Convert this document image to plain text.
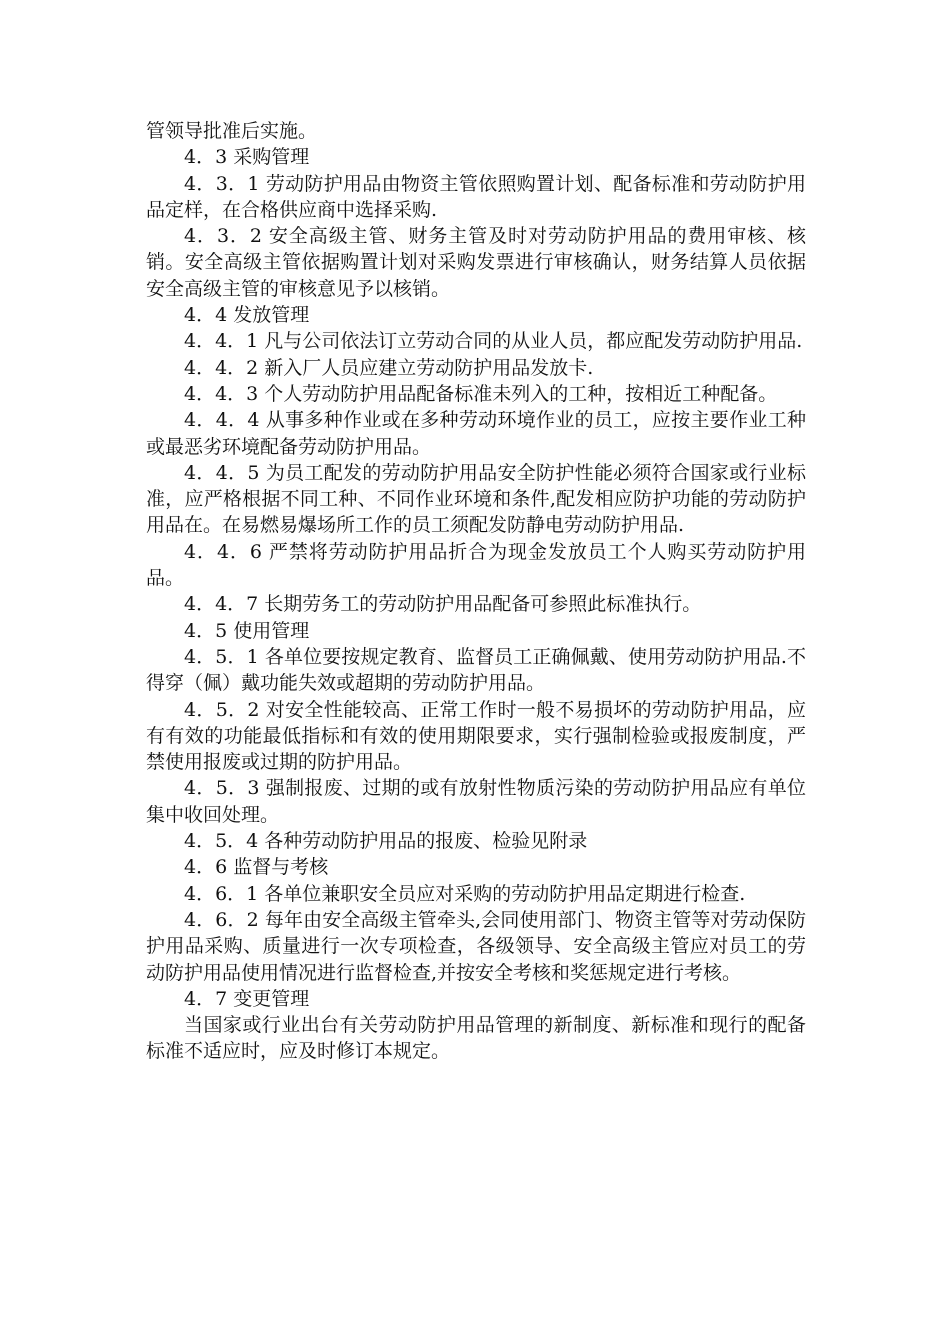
管领导批准后实施。

4．3 采购管理

4．3．1 劳动防护用品由物资主管依照购置计划、配备标准和劳动防护用品定样，在合格供应商中选择采购.

4．3．2 安全高级主管、财务主管及时对劳动防护用品的费用审核、核销。安全高级主管依据购置计划对采购发票进行审核确认，财务结算人员依据安全高级主管的审核意见予以核销。

4．4 发放管理

4．4．1 凡与公司依法订立劳动合同的从业人员，都应配发劳动防护用品.

4．4．2 新入厂人员应建立劳动防护用品发放卡.

4．4．3 个人劳动防护用品配备标准未列入的工种，按相近工种配备。

4．4．4 从事多种作业或在多种劳动环境作业的员工，应按主要作业工种或最恶劣环境配备劳动防护用品。

4．4．5 为员工配发的劳动防护用品安全防护性能必须符合国家或行业标准，应严格根据不同工种、不同作业环境和条件,配发相应防护功能的劳动防护用品在。在易燃易爆场所工作的员工须配发防静电劳动防护用品.

4．4．6 严禁将劳动防护用品折合为现金发放员工个人购买劳动防护用品。

4．4．7 长期劳务工的劳动防护用品配备可参照此标准执行。

4．5 使用管理

4．5．1 各单位要按规定教育、监督员工正确佩戴、使用劳动防护用品.不得穿（佩）戴功能失效或超期的劳动防护用品。

4．5．2 对安全性能较高、正常工作时一般不易损坏的劳动防护用品，应有有效的功能最低指标和有效的使用期限要求，实行强制检验或报废制度，严禁使用报废或过期的防护用品。

4．5．3 强制报废、过期的或有放射性物质污染的劳动防护用品应有单位集中收回处理。

4．5．4 各种劳动防护用品的报废、检验见附录

4．6 监督与考核

4．6．1 各单位兼职安全员应对采购的劳动防护用品定期进行检查.

4．6．2 每年由安全高级主管牵头,会同使用部门、物资主管等对劳动保防护用品采购、质量进行一次专项检查，各级领导、安全高级主管应对员工的劳动防护用品使用情况进行监督检查,并按安全考核和奖惩规定进行考核。

4．7 变更管理

当国家或行业出台有关劳动防护用品管理的新制度、新标准和现行的配备标准不适应时，应及时修订本规定。
